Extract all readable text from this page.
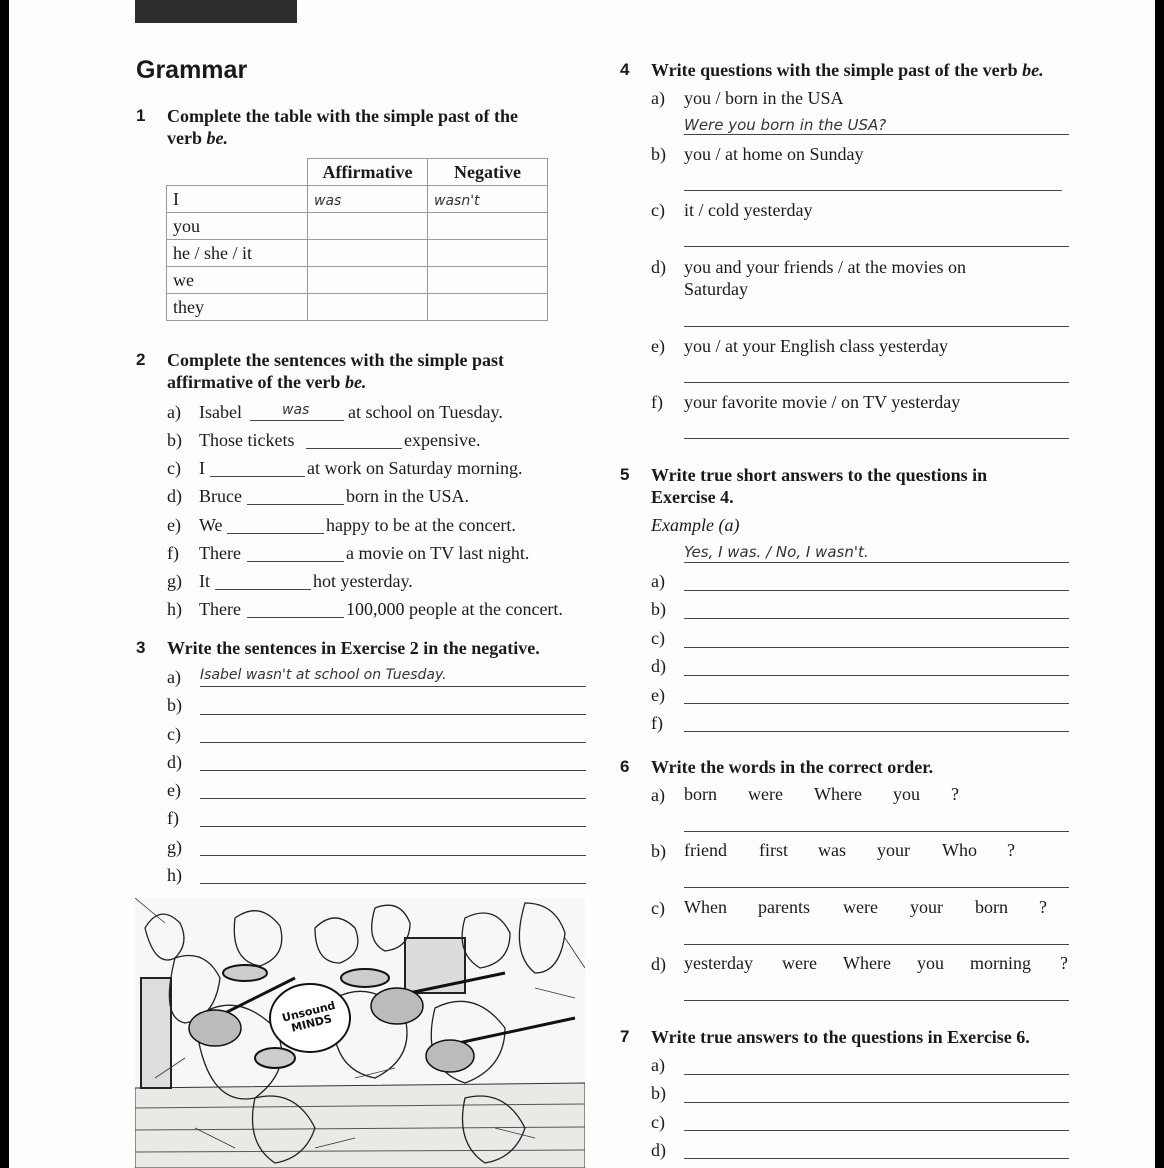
Grammar
1 Complete the table with the simple past of the
verb be.
	Affirmative	Negative
I	was	wasn't
you		
he / she / it		
we		
they		
2 Complete the sentences with the simple past
affirmative of the verb be.
a) Isabel	was at school on Tuesday.
b) Those tickets	expensive.
c) I	at work on Saturday morning.
d) Bruce	born in the USA.
e) We	happy to be at the concert.
f) There	a movie on TV last night.
g) It	hot yesterday.
h) There	100,000 people at the concert.
3 Write the sentences in Exercise 2 in the negative.
a) Isabel wasn't at school on Tuesday.
b)
c)
d)
e)
f)
g)
h)
Unsound MINDS
4 Write questions with the simple past of the verb be.
a) you / born in the USA
Were you born in the USA?
b) you / at home on Sunday
c) it / cold yesterday
d) you and your friends / at the movies on
Saturday
e) you / at your English class yesterday
f) your favorite movie / on TV yesterday
5 Write true short answers to the questions in
Exercise 4.
Example (a)
Yes, I was. / No, I wasn't.
a)
b)
c)
d)
e)
f)
6 Write the words in the correct order.
a) born were Where you ?
b) friend first was your Who ?
c) When parents were your born ?
d) yesterday were Where you morning ?
7 Write true answers to the questions in Exercise 6.
a)
b)
c)
d)
